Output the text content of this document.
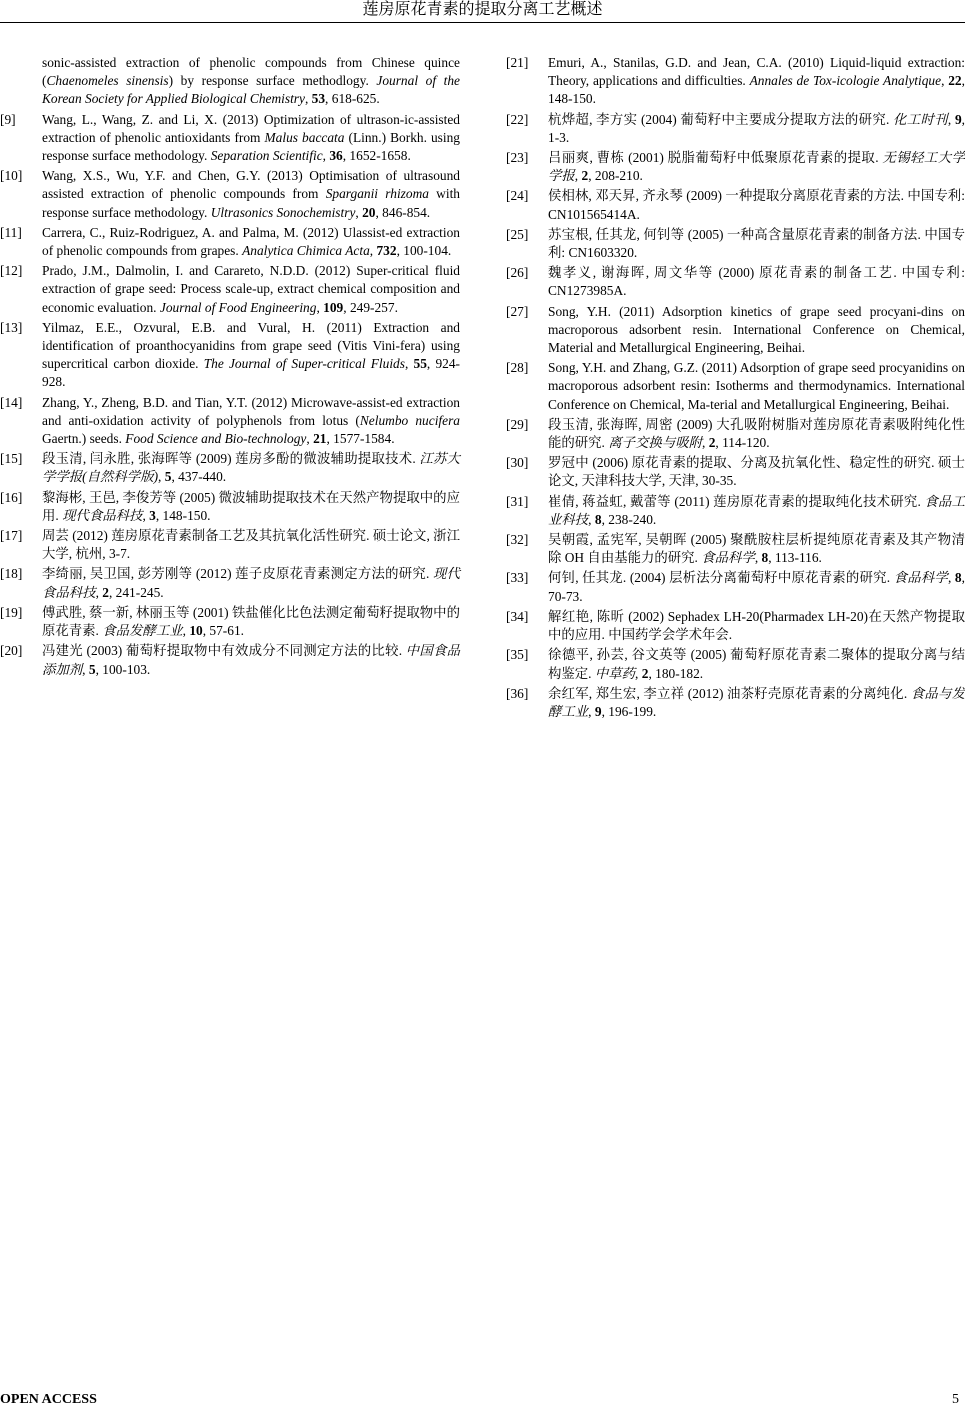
莲房原花青素的提取分离工艺概述
sonic-assisted extraction of phenolic compounds from Chinese quince (Chaenomeles sinensis) by response surface methodlogy. Journal of the Korean Society for Applied Biological Chemistry, 53, 618-625.
[9]	Wang, L., Wang, Z. and Li, X. (2013) Optimization of ultrason-ic-assisted extraction of phenolic antioxidants from Malus baccata (Linn.) Borkh. using response surface methodology. Separation Scientific, 36, 1652-1658.
[10]	Wang, X.S., Wu, Y.F. and Chen, G.Y. (2013) Optimisation of ultrasound assisted extraction of phenolic compounds from Sparganii rhizoma with response surface methodology. Ultrasonics Sonochemistry, 20, 846-854.
[11]	Carrera, C., Ruiz-Rodriguez, A. and Palma, M. (2012) Ulassist-ed extraction of phenolic compounds from grapes. Analytica Chimica Acta, 732, 100-104.
[12]	Prado, J.M., Dalmolin, I. and Carareto, N.D.D. (2012) Super-critical fluid extraction of grape seed: Process scale-up, extract chemical composition and economic evaluation. Journal of Food Engineering, 109, 249-257.
[13]	Yilmaz, E.E., Ozvural, E.B. and Vural, H. (2011) Extraction and identification of proanthocyanidins from grape seed (Vitis Vini-fera) using supercritical carbon dioxide. The Journal of Super-critical Fluids, 55, 924-928.
[14]	Zhang, Y., Zheng, B.D. and Tian, Y.T. (2012) Microwave-assist-ed extraction and anti-oxidation activity of polyphenols from lotus (Nelumbo nucifera Gaertn.) seeds. Food Science and Bio-technology, 21, 1577-1584.
[15]	段玉清, 闫永胜, 张海晖等 (2009) 莲房多酚的微波辅助提取技术. 江苏大学学报(自然科学版), 5, 437-440.
[16]	黎海彬, 王邑, 李俊芳等 (2005) 微波辅助提取技术在天然产物提取中的应用. 现代食品科技, 3, 148-150.
[17]	周芸 (2012) 莲房原花青素制备工艺及其抗氧化活性研究. 硕士论文, 浙江大学, 杭州, 3-7.
[18]	李绮丽, 吴卫国, 彭芳刚等 (2012) 莲子皮原花青素测定方法的研究. 现代食品科技, 2, 241-245.
[19]	傅武胜, 蔡一新, 林丽玉等 (2001) 铁盐催化比色法测定葡萄籽提取物中的原花青素. 食品发酵工业, 10, 57-61.
[20]	冯建光 (2003) 葡萄籽提取物中有效成分不同测定方法的比较. 中国食品添加剂, 5, 100-103.
[21]	Emuri, A., Stanilas, G.D. and Jean, C.A. (2010) Liquid-liquid extraction: Theory, applications and difficulties. Annales de Tox-icologie Analytique, 22, 148-150.
[22]	杭烨超, 李方实 (2004) 葡萄籽中主要成分提取方法的研究. 化工时刊, 9, 1-3.
[23]	吕丽爽, 曹栋 (2001) 脱脂葡萄籽中低聚原花青素的提取. 无锡轻工大学学报, 2, 208-210.
[24]	侯相林, 邓天昇, 齐永琴 (2009) 一种提取分离原花青素的方法. 中国专利: CN101565414A.
[25]	苏宝根, 任其龙, 何钊等 (2005) 一种高含量原花青素的制备方法. 中国专利: CN1603320.
[26]	魏孝义, 谢海晖, 周文华等 (2000) 原花青素的制备工艺. 中国专利: CN1273985A.
[27]	Song, Y.H. (2011) Adsorption kinetics of grape seed procyani-dins on macroporous adsorbent resin. International Conference on Chemical, Material and Metallurgical Engineering, Beihai.
[28]	Song, Y.H. and Zhang, G.Z. (2011) Adsorption of grape seed procyanidins on macroporous adsorbent resin: Isotherms and thermodynamics. International Conference on Chemical, Ma-terial and Metallurgical Engineering, Beihai.
[29]	段玉清, 张海晖, 周密 (2009) 大孔吸附树脂对莲房原花青素吸附纯化性能的研究. 离子交换与吸附, 2, 114-120.
[30]	罗冠中 (2006) 原花青素的提取、分离及抗氧化性、稳定性的研究. 硕士论文, 天津科技大学, 天津, 30-35.
[31]	崔倩, 蒋益虹, 戴蕾等 (2011) 莲房原花青素的提取纯化技术研究. 食品工业科技, 8, 238-240.
[32]	吴朝霞, 孟宪军, 吴朝晖 (2005) 聚酰胺柱层析提纯原花青素及其产物清除 OH 自由基能力的研究. 食品科学, 8, 113-116.
[33]	何钊, 任其龙. (2004) 层析法分离葡萄籽中原花青素的研究. 食品科学, 8, 70-73.
[34]	解红艳, 陈昕 (2002) Sephadex LH-20(Pharmadex LH-20)在天然产物提取中的应用. 中国药学会学术年会.
[35]	徐德平, 孙芸, 谷文英等 (2005) 葡萄籽原花青素二聚体的提取分离与结构鉴定. 中草药, 2, 180-182.
[36]	余红军, 郑生宏, 李立祥 (2012) 油茶籽壳原花青素的分离纯化. 食品与发酵工业, 9, 196-199.
OPEN ACCESS	5
